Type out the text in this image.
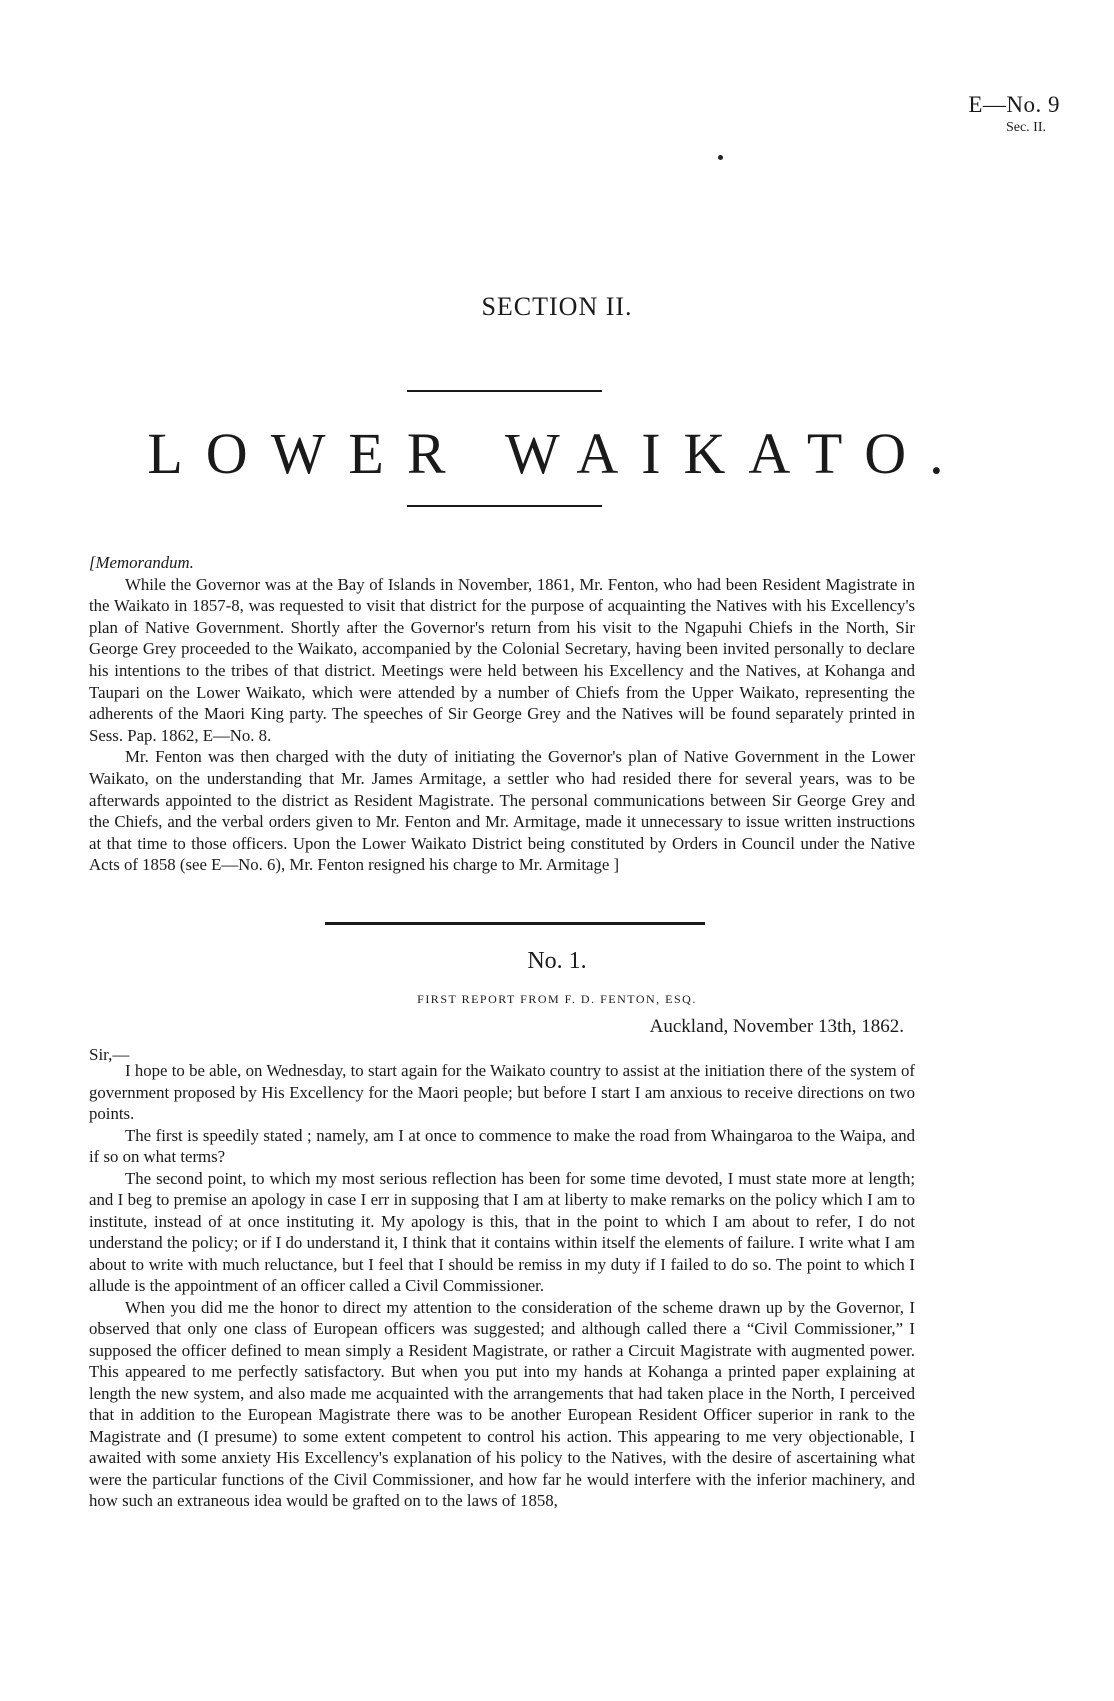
E—No. 9
Sec. II.
SECTION II.
LOWER WAIKATO.

[Memorandum.

While the Governor was at the Bay of Islands in November, 1861, Mr. Fenton, who had been Resident Magistrate in the Waikato in 1857-8, was requested to visit that district for the purpose of acquainting the Natives with his Excellency's plan of Native Government. Shortly after the Governor's return from his visit to the Ngapuhi Chiefs in the North, Sir George Grey proceeded to the Waikato, accompanied by the Colonial Secretary, having been invited personally to declare his intentions to the tribes of that district. Meetings were held between his Excellency and the Natives, at Kohanga and Taupari on the Lower Waikato, which were attended by a number of Chiefs from the Upper Waikato, representing the adherents of the Maori King party. The speeches of Sir George Grey and the Natives will be found separately printed in Sess. Pap. 1862, E—No. 8.

Mr. Fenton was then charged with the duty of initiating the Governor's plan of Native Government in the Lower Waikato, on the understanding that Mr. James Armitage, a settler who had resided there for several years, was to be afterwards appointed to the district as Resident Magistrate. The personal communications between Sir George Grey and the Chiefs, and the verbal orders given to Mr. Fenton and Mr. Armitage, made it unnecessary to issue written instructions at that time to those officers. Upon the Lower Waikato District being constituted by Orders in Council under the Native Acts of 1858 (see E—No. 6), Mr. Fenton resigned his charge to Mr. Armitage ]

No. 1.
FIRST REPORT FROM F. D. FENTON, ESQ.
Auckland, November 13th, 1862.
Sir,—

I hope to be able, on Wednesday, to start again for the Waikato country to assist at the initiation there of the system of government proposed by His Excellency for the Maori people; but before I start I am anxious to receive directions on two points.

The first is speedily stated ; namely, am I at once to commence to make the road from Whaingaroa to the Waipa, and if so on what terms?

The second point, to which my most serious reflection has been for some time devoted, I must state more at length; and I beg to premise an apology in case I err in supposing that I am at liberty to make remarks on the policy which I am to institute, instead of at once instituting it. My apology is this, that in the point to which I am about to refer, I do not understand the policy; or if I do understand it, I think that it contains within itself the elements of failure. I write what I am about to write with much reluctance, but I feel that I should be remiss in my duty if I failed to do so. The point to which I allude is the appointment of an officer called a Civil Commissioner.

When you did me the honor to direct my attention to the consideration of the scheme drawn up by the Governor, I observed that only one class of European officers was suggested; and although called there a “Civil Commissioner,” I supposed the officer defined to mean simply a Resident Magistrate, or rather a Circuit Magistrate with augmented power. This appeared to me perfectly satisfactory. But when you put into my hands at Kohanga a printed paper explaining at length the new system, and also made me acquainted with the arrangements that had taken place in the North, I perceived that in addition to the European Magistrate there was to be another European Resident Officer superior in rank to the Magistrate and (I presume) to some extent competent to control his action. This appearing to me very objectionable, I awaited with some anxiety His Excellency's explanation of his policy to the Natives, with the desire of ascertaining what were the particular functions of the Civil Commissioner, and how far he would interfere with the inferior machinery, and how such an extraneous idea would be grafted on to the laws of 1858,
